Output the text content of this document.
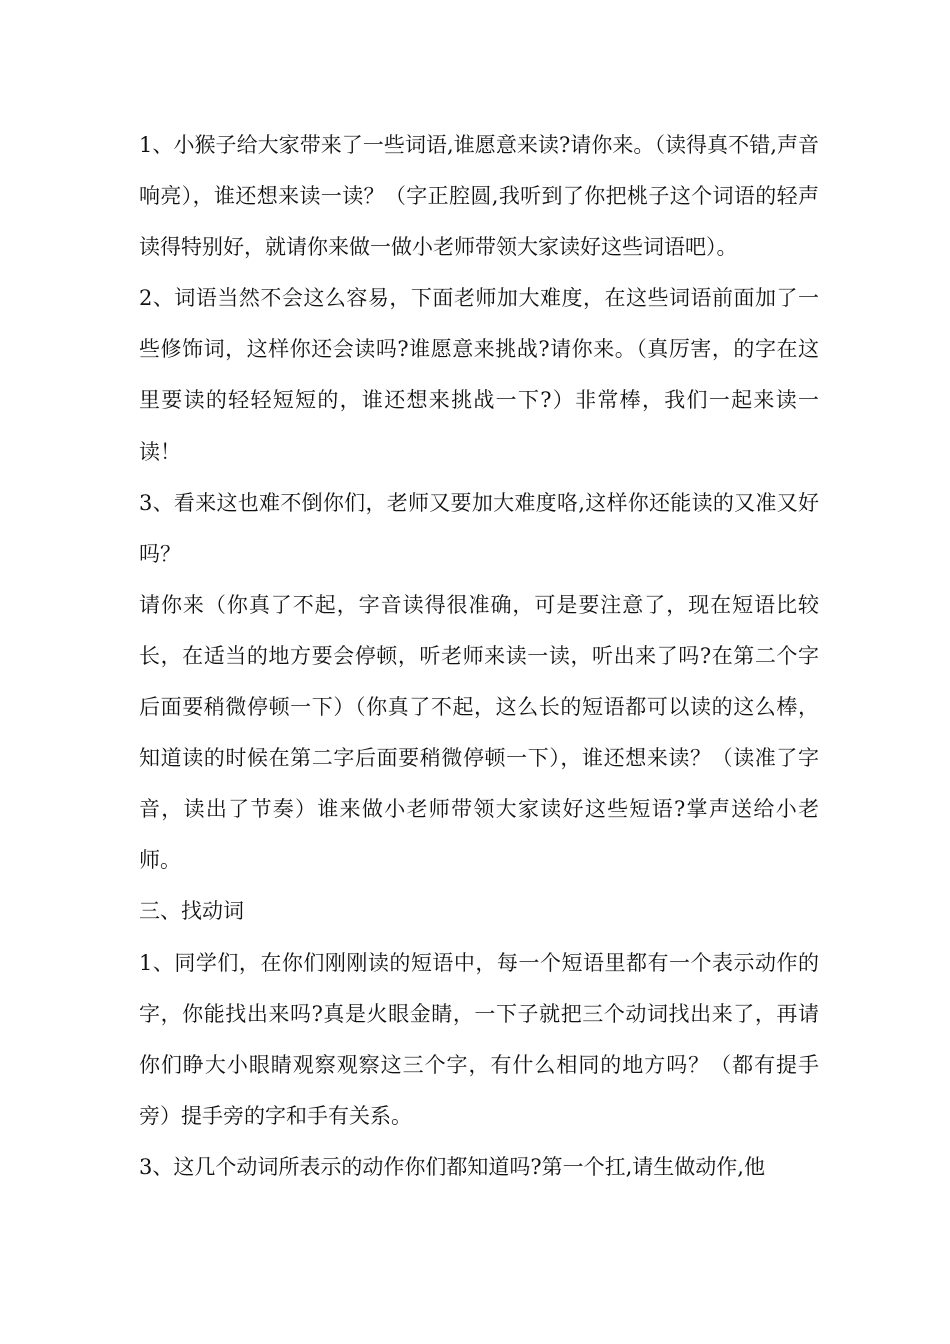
1、小猴子给大家带来了一些词语,谁愿意来读?请你来。（读得真不错,声音响亮），谁还想来读一读？（字正腔圆,我听到了你把桃子这个词语的轻声读得特别好，就请你来做一做小老师带领大家读好这些词语吧）。

2、词语当然不会这么容易，下面老师加大难度，在这些词语前面加了一些修饰词，这样你还会读吗?谁愿意来挑战?请你来。（真厉害，的字在这里要读的轻轻短短的，谁还想来挑战一下?）非常棒，我们一起来读一读！

3、看来这也难不倒你们，老师又要加大难度咯,这样你还能读的又准又好吗？

请你来（你真了不起，字音读得很准确，可是要注意了，现在短语比较长，在适当的地方要会停顿，听老师来读一读，听出来了吗?在第二个字后面要稍微停顿一下）（你真了不起，这么长的短语都可以读的这么棒，知道读的时候在第二字后面要稍微停顿一下），谁还想来读？（读准了字音，读出了节奏）谁来做小老师带领大家读好这些短语?掌声送给小老师。

三、找动词

1、同学们，在你们刚刚读的短语中，每一个短语里都有一个表示动作的字，你能找出来吗?真是火眼金睛，一下子就把三个动词找出来了，再请你们睁大小眼睛观察观察这三个字，有什么相同的地方吗？（都有提手旁）提手旁的字和手有关系。

3、这几个动词所表示的动作你们都知道吗?第一个扛,请生做动作,他
